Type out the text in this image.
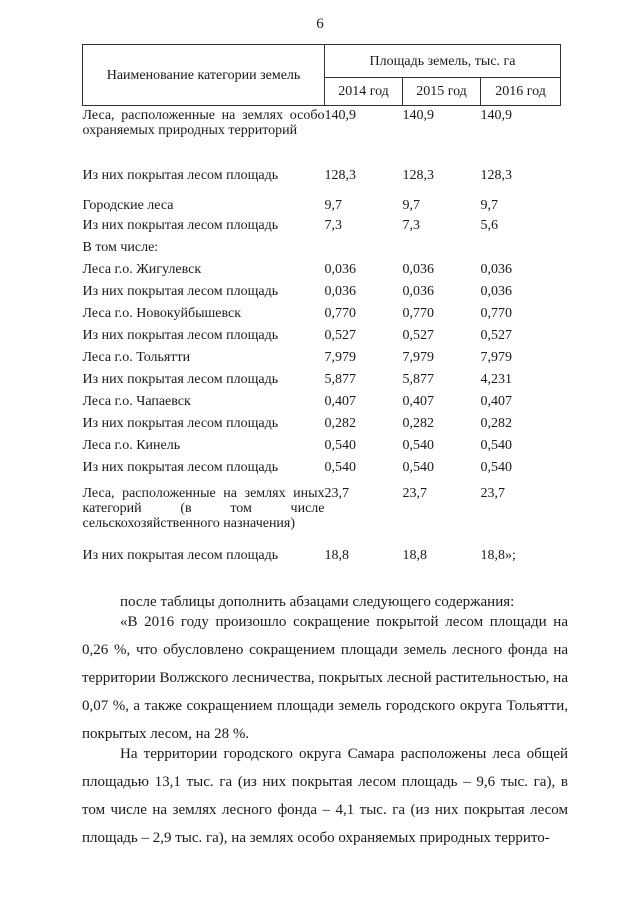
6
Наименование категории земель	Площадь земель, тыс. га		
	2014 год	2015 год	2016 год
Леса, расположенные на землях особо охраняемых природных территорий	140,9	140,9	140,9
Из них покрытая лесом площадь	128,3	128,3	128,3
Городские леса	9,7	9,7	9,7
Из них покрытая лесом площадь	7,3	7,3	5,6
В том числе:			
Леса г.о. Жигулевск	0,036	0,036	0,036
Из них покрытая лесом площадь	0,036	0,036	0,036
Леса г.о. Новокуйбышевск	0,770	0,770	0,770
Из них покрытая лесом площадь	0,527	0,527	0,527
Леса г.о. Тольятти	7,979	7,979	7,979
Из них покрытая лесом площадь	5,877	5,877	4,231
Леса г.о. Чапаевск	0,407	0,407	0,407
Из них покрытая лесом площадь	0,282	0,282	0,282
Леса г.о. Кинель	0,540	0,540	0,540
Из них покрытая лесом площадь	0,540	0,540	0,540
Леса, расположенные на землях иных категорий (в том числе сельскохозяйственного назначения)	23,7	23,7	23,7
Из них покрытая лесом площадь	18,8	18,8	18,8»;

после таблицы дополнить абзацами следующего содержания:

«В 2016 году произошло сокращение покрытой лесом площади на 0,26 %, что обусловлено сокращением площади земель лесного фонда на территории Волжского лесничества, покрытых лесной растительностью, на 0,07 %, а также сокращением площади земель городского округа Тольятти, покрытых лесом, на 28 %.

На территории городского округа Самара расположены леса общей площадью 13,1 тыс. га (из них покрытая лесом площадь – 9,6 тыс. га), в том числе на землях лесного фонда – 4,1 тыс. га (из них покрытая лесом площадь – 2,9 тыс. га), на землях особо охраняемых природных террито-
